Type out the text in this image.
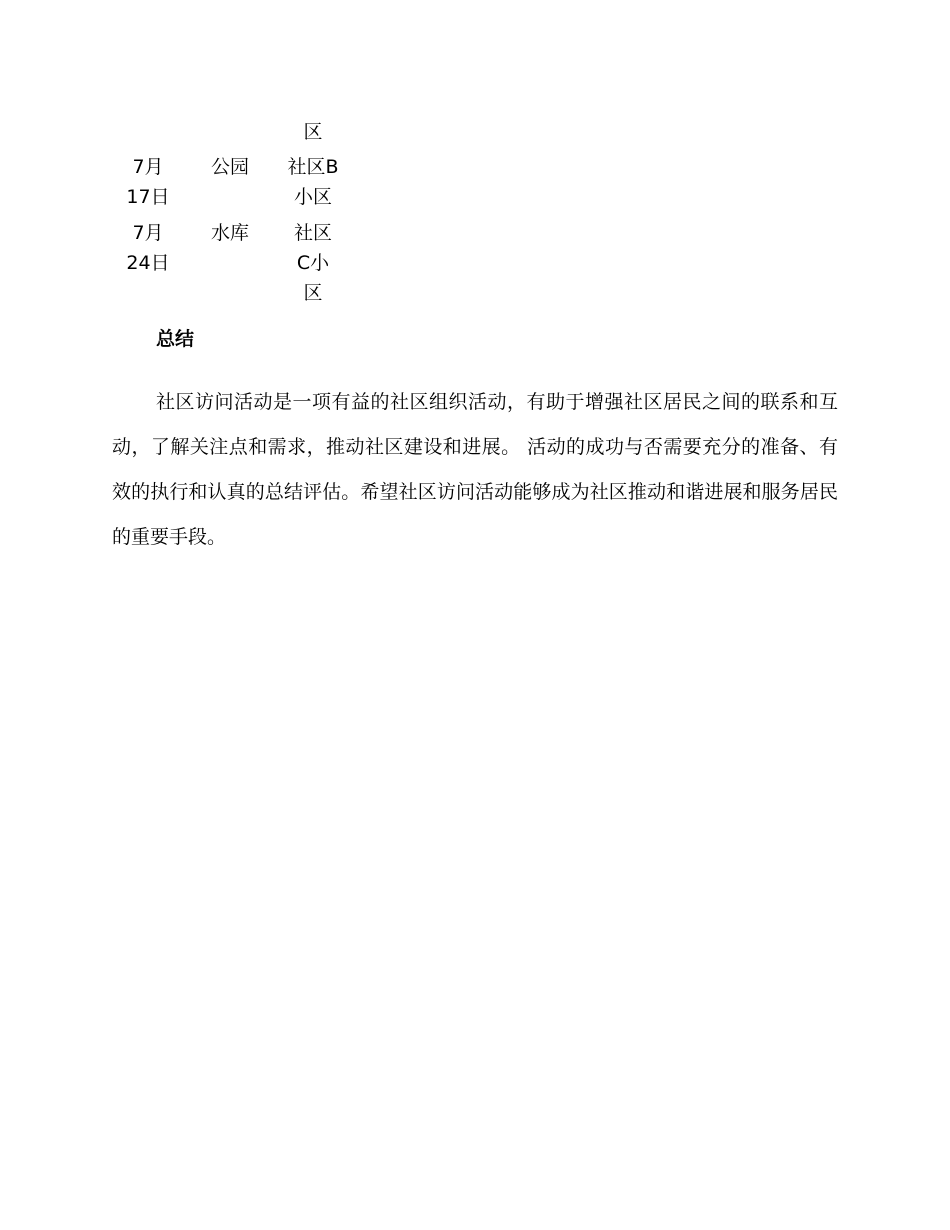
区
7月
17日
公园	社区B
小区
7月
24日
水库	社区
C小
区
总结

社区访问活动是一项有益的社区组织活动，有助于增强社区居民之间的联系和互动，了解关注点和需求，推动社区建设和进展。 活动的成功与否需要充分的准备、有效的执行和认真的总结评估。希望社区访问活动能够成为社区推动和谐进展和服务居民的重要手段。
